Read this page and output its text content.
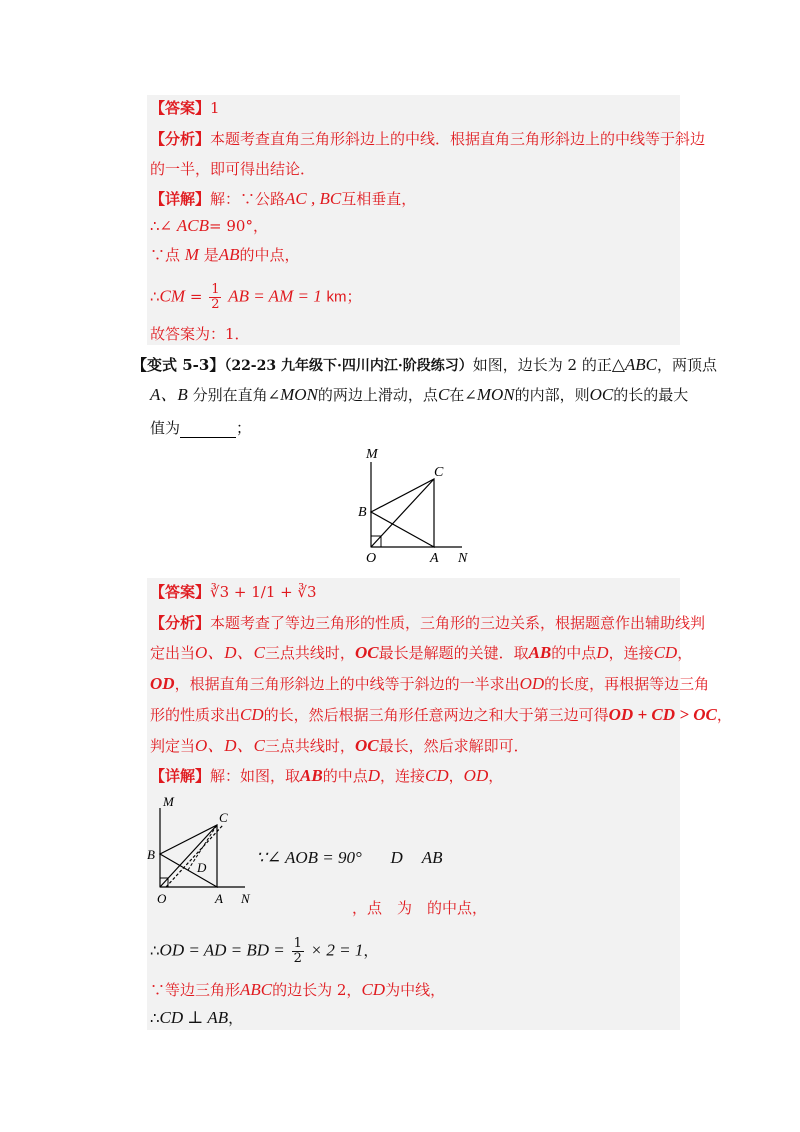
【答案】1
【分析】本题考查直角三角形斜边上的中线．根据直角三角形斜边上的中线等于斜边
的一半，即可得出结论．
【详解】解：∵公路AC , BC互相垂直，
∴∠ ACB= 90°，
∵点 M 是AB的中点，
∴CM = $\frac{1}{2}$ AB = AM = 1 km；
故答案为：1．
【变式 5-3】（22-23 九年级下·四川内江·阶段练习）如图，边长为 2 的正△ABC，两顶点
A、B 分别在直角∠MON的两边上滑动，点C在∠MON的内部，则OC的长的最大
值为	；
M
C
B
O	A N
【答案】∛3 + 1/1 + ∛3
【分析】本题考查了等边三角形的性质，三角形的三边关系，根据题意作出辅助线判
定出当O、D、C三点共线时，OC最长是解题的关键．取AB的中点D，连接CD，
OD，根据直角三角形斜边上的中线等于斜边的一半求出OD的长度，再根据等边三角
形的性质求出CD的长，然后根据三角形任意两边之和大于第三边可得OD + CD > OC，
判定当O、D、C三点共线时，OC最长，然后求解即可．
【详解】解：如图，取AB的中点D，连接CD，OD，
M
C
B
D
O	A N
∵∠ AOB = 90° D AB
，点　为　的中点，
∴OD = AD = BD = $\frac{1}{2} \times 2 = 1$，
∵等边三角形ABC的边长为 2，CD为中线，
∴CD ⊥ AB，
